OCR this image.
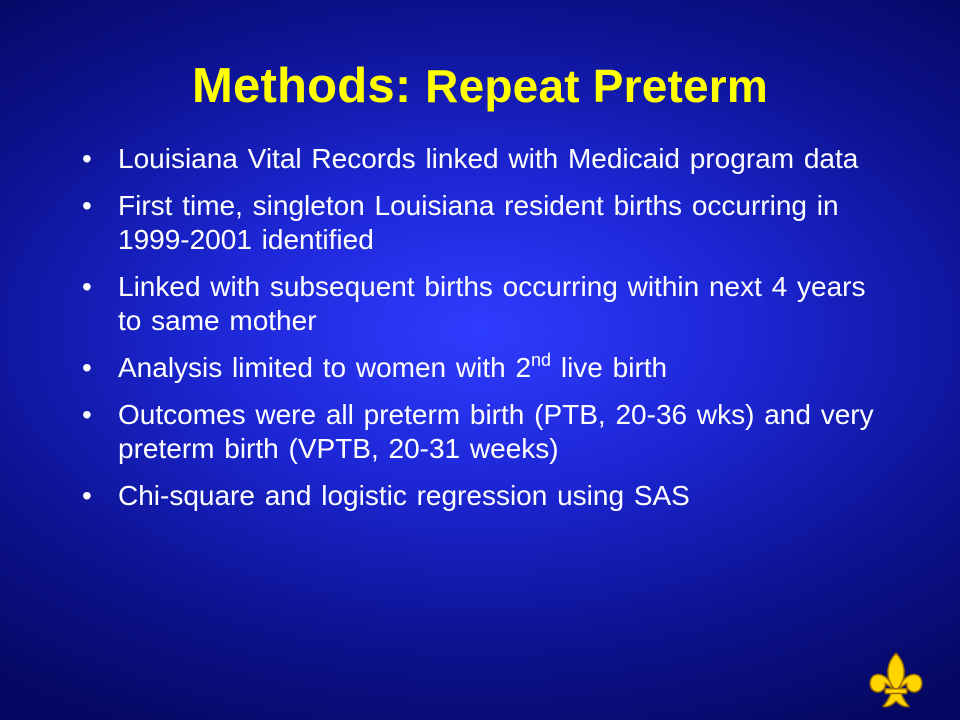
Methods: Repeat Preterm
• Louisiana Vital Records linked with Medicaid program data
• First time, singleton Louisiana resident births occurring in 1999-2001 identified
• Linked with subsequent births occurring within next 4 years to same mother
• Analysis limited to women with 2nd live birth
• Outcomes were all preterm birth (PTB, 20-36 wks) and very preterm birth (VPTB, 20-31 weeks)
• Chi-square and logistic regression using SAS
